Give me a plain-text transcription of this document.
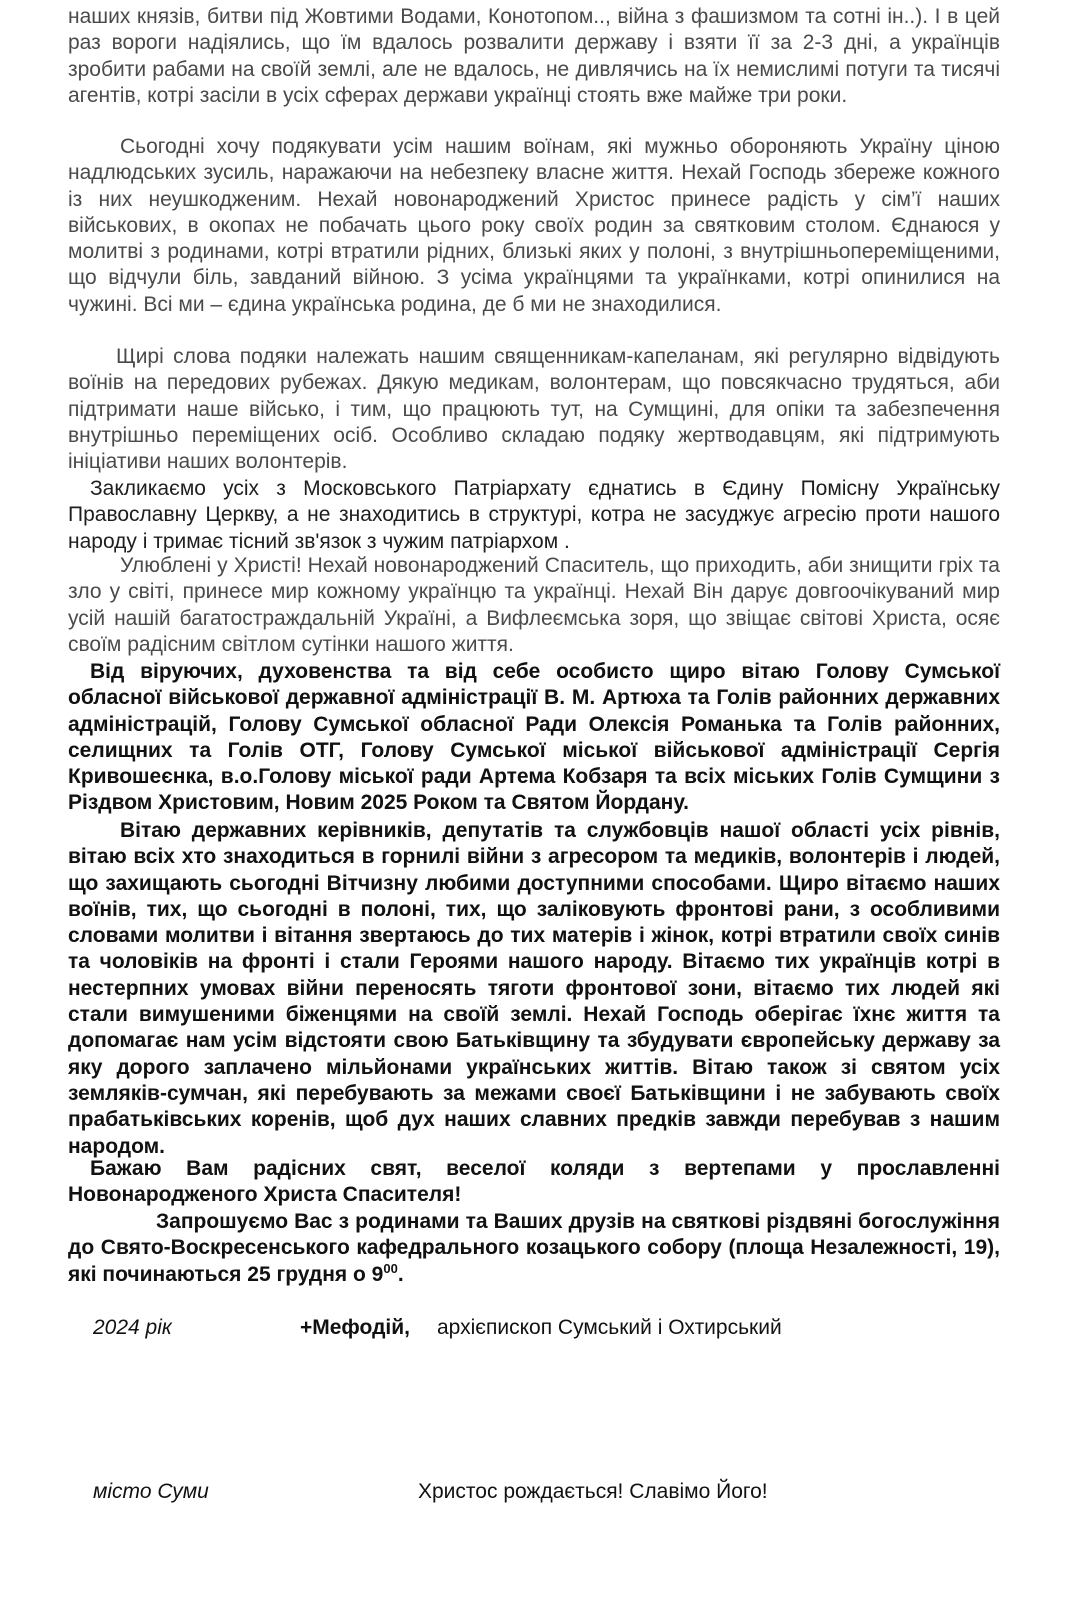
наших князів, битви під Жовтими Водами, Конотопом.., війна з фашизмом та сотні ін..). І в цей раз вороги надіялись, що їм вдалось розвалити державу і взяти її за 2-3 дні, а українців зробити рабами на своїй землі, але не вдалось, не дивлячись на їх немислимі потуги та тисячі агентів, котрі засіли в усіх сферах держави українці стоять вже майже три роки.

Сьогодні хочу подякувати усім нашим воїнам, які мужньо обороняють Україну ціною надлюдських зусиль, наражаючи на небезпеку власне життя. Нехай Господь збереже кожного із них неушкодженим. Нехай новонароджений Христос принесе радість у сім’ї наших військових, в окопах не побачать цього року своїх родин за святковим столом. Єднаюся у молитві з родинами, котрі втратили рідних, близькі яких у полоні, з внутрішньопереміщеними, що відчули біль, завданий війною. З усіма українцями та українками, котрі опинилися на чужині. Всі ми – єдина українська родина, де б ми не знаходилися.

Щирі слова подяки належать нашим священникам-капеланам, які регулярно відвідують воїнів на передових рубежах. Дякую медикам, волонтерам, що повсякчасно трудяться, аби підтримати наше військо, і тим, що працюють тут, на Сумщині, для опіки та забезпечення внутрішньо переміщених осіб. Особливо складаю подяку жертводавцям, які підтримують ініціативи наших волонтерів.

Закликаємо усіх з Московського Патріархату єднатись в Єдину Помісну Українську Православну Церкву, а не знаходитись в структурі, котра не засуджує агресію проти нашого народу і тримає тісний зв'язок з чужим патріархом .

Улюблені у Христі! Нехай новонароджений Спаситель, що приходить, аби знищити гріх та зло у світі, принесе мир кожному українцю та українці. Нехай Він дарує довгоочікуваний мир усій нашій багатостраждальній Україні, а Вифлеємська зоря, що звіщає світові Христа, осяє своїм радісним світлом сутінки нашого життя.

Від віруючих, духовенства та від себе особисто щиро вітаю Голову Сумської обласної військової державної адміністрації В. М. Артюха та Голів районних державних адміністрацій, Голову Сумської обласної Ради Олексія Романька та Голів районних, селищних та Голів ОТГ, Голову Сумської міської військової адміністрації Сергія Кривошеєнка, в.о.Голову міської ради Артема Кобзаря та всіх міських Голів Сумщини з Різдвом Христовим, Новим 2025 Роком та Святом Йордану.

Вітаю державних керівників, депутатів та службовців нашої області усіх рівнів, вітаю всіх хто знаходиться в горнилі війни з агресором та медиків, волонтерів і людей, що захищають сьогодні Вітчизну любими доступними способами. Щиро вітаємо наших воїнів, тих, що сьогодні в полоні, тих, що заліковують фронтові рани, з особливими словами молитви і вітання звертаюсь до тих матерів і жінок, котрі втратили своїх синів та чоловіків на фронті і стали Героями нашого народу. Вітаємо тих українців котрі в нестерпних умовах війни переносять тяготи фронтової зони, вітаємо тих людей які стали вимушеними біженцями на своїй землі. Нехай Господь оберігає їхнє життя та допомагає нам усім відстояти свою Батьківщину та збудувати європейську державу за яку дорого заплачено мільйонами українських життів. Вітаю також зі святом усіх земляків-сумчан, які перебувають за межами своєї Батьківщини і не забувають своїх прабатьківських коренів, щоб дух наших славних предків завжди перебував з нашим народом.

Бажаю Вам радісних свят, веселої коляди з вертепами у прославленні Новонародженого Христа Спасителя!

Запрошуємо Вас з родинами та Ваших друзів на святкові різдвяні богослужіння до Свято-Воскресенського кафедрального козацького собору (площа Незалежності, 19), які починаються 25 грудня о $9^{00}$.

2024 рік	+Мефодій, архієпископ Сумський і Охтирський
місто Суми	Христос рождається! Славімо Його!
